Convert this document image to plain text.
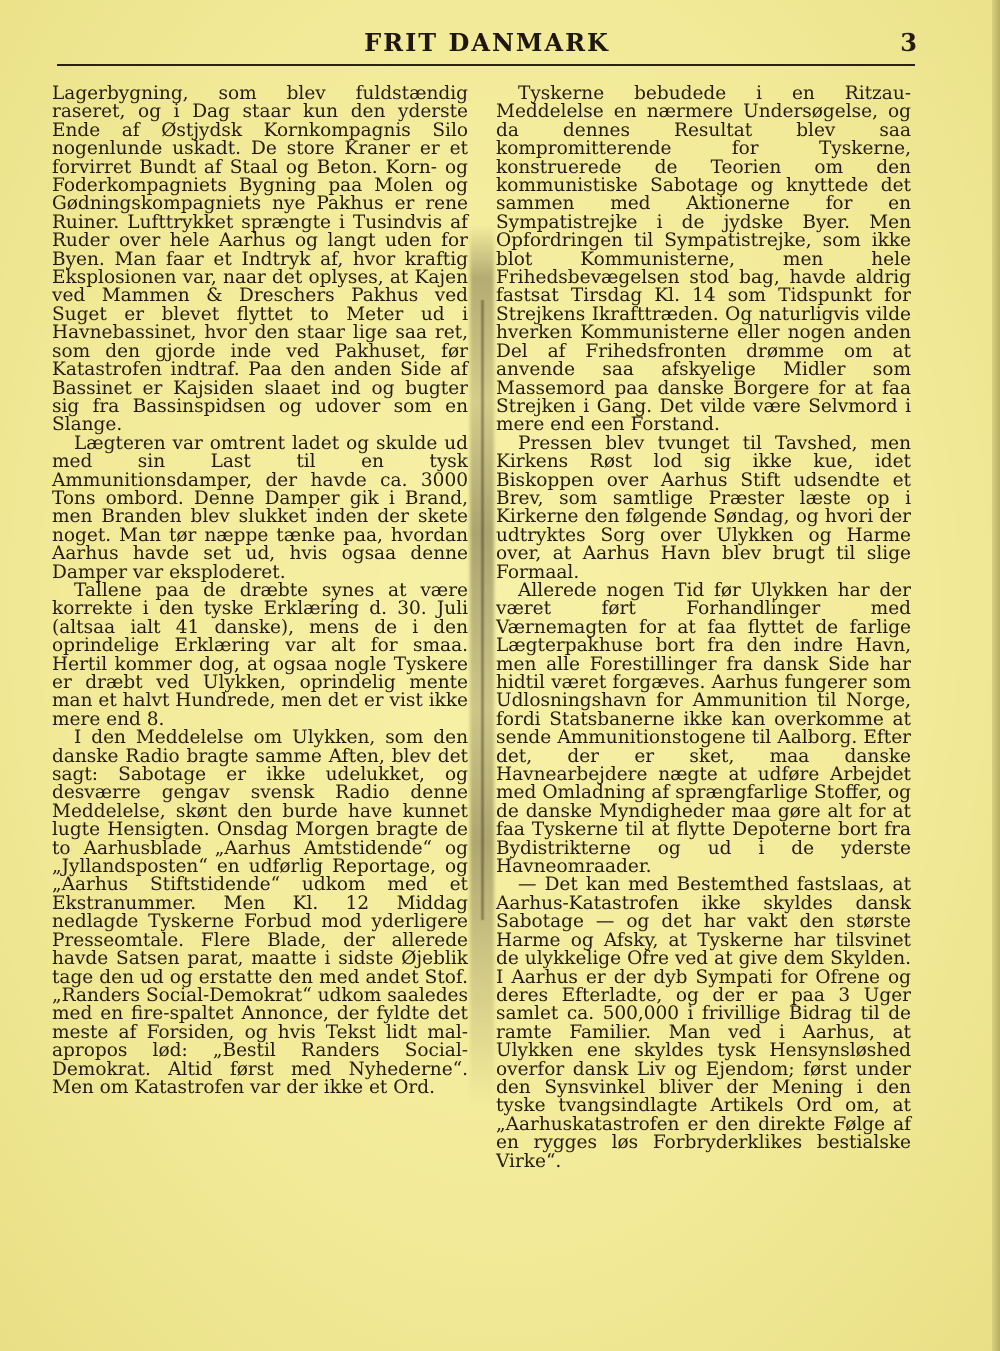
FRIT DANMARK	3

Lagerbygning, som blev fuldstændig raseret, og i Dag staar kun den yderste Ende af Østjydsk Kornkompagnis Silo nogenlunde uskadt. De store Kraner er et forvirret Bundt af Staal og Beton. Korn- og Foderkompagniets Bygning paa Molen og Gødningskompagniets nye Pakhus er rene Ruiner. Lufttrykket sprængte i Tusindvis af Ruder over hele Aarhus og langt uden for Byen. Man faar et Indtryk af, hvor kraftig Eksplosionen var, naar det oplyses, at Kajen ved Mammen & Dreschers Pakhus ved Suget er blevet flyttet to Meter ud i Havnebassinet, hvor den staar lige saa ret, som den gjorde inde ved Pakhuset, før Katastrofen indtraf. Paa den anden Side af Bassinet er Kajsiden slaaet ind og bugter sig fra Bassinspidsen og udover som en Slange.

Lægteren var omtrent ladet og skulde ud med sin Last til en tysk Ammunitionsdamper, der havde ca. 3000 Tons ombord. Denne Damper gik i Brand, men Branden blev slukket inden der skete noget. Man tør næppe tænke paa, hvordan Aarhus havde set ud, hvis ogsaa denne Damper var eksploderet.

Tallene paa de dræbte synes at være korrekte i den tyske Erklæring d. 30. Juli (altsaa ialt 41 danske), mens de i den oprindelige Erklæring var alt for smaa. Hertil kommer dog, at ogsaa nogle Tyskere er dræbt ved Ulykken, oprindelig mente man et halvt Hundrede, men det er vist ikke mere end 8.

I den Meddelelse om Ulykken, som den danske Radio bragte samme Aften, blev det sagt: Sabotage er ikke udelukket, og desværre gengav svensk Radio denne Meddelelse, skønt den burde have kunnet lugte Hensigten. Onsdag Morgen bragte de to Aarhusblade „Aarhus Amtstidende“ og „Jyllandsposten“ en udførlig Reportage, og „Aarhus Stiftstidende“ udkom med et Ekstranummer. Men Kl. 12 Middag nedlagde Tyskerne Forbud mod yderligere Presseomtale. Flere Blade, der allerede havde Satsen parat, maatte i sidste Øjeblik tage den ud og erstatte den med andet Stof. „Randers Social-Demokrat“ udkom saaledes med en fire-spaltet Annonce, der fyldte det meste af Forsiden, og hvis Tekst lidt mal-apropos lød: „Bestil Randers Social-Demokrat. Altid først med Nyhederne“. Men om Katastrofen var der ikke et Ord.

Tyskerne bebudede i en Ritzau-Meddelelse en nærmere Undersøgelse, og da dennes Resultat blev saa kompromitterende for Tyskerne, konstruerede de Teorien om den kommunistiske Sabotage og knyttede det sammen med Aktionerne for en Sympatistrejke i de jydske Byer. Men Opfordringen til Sympatistrejke, som ikke blot Kommunisterne, men hele Frihedsbevægelsen stod bag, havde aldrig fastsat Tirsdag Kl. 14 som Tidspunkt for Strejkens Ikrafttræden. Og naturligvis vilde hverken Kommunisterne eller nogen anden Del af Frihedsfronten drømme om at anvende saa afskyelige Midler som Massemord paa danske Borgere for at faa Strejken i Gang. Det vilde være Selvmord i mere end een Forstand.

Pressen blev tvunget til Tavshed, men Kirkens Røst lod sig ikke kue, idet Biskoppen over Aarhus Stift udsendte et Brev, som samtlige Præster læste op i Kirkerne den følgende Søndag, og hvori der udtryktes Sorg over Ulykken og Harme over, at Aarhus Havn blev brugt til slige Formaal.

Allerede nogen Tid før Ulykken har der været ført Forhandlinger med Værnemagten for at faa flyttet de farlige Lægterpakhuse bort fra den indre Havn, men alle Forestillinger fra dansk Side har hidtil været forgæves. Aarhus fungerer som Udlosningshavn for Ammunition til Norge, fordi Statsbanerne ikke kan overkomme at sende Ammunitionstogene til Aalborg. Efter det, der er sket, maa danske Havnearbejdere nægte at udføre Arbejdet med Omladning af sprængfarlige Stoffer, og de danske Myndigheder maa gøre alt for at faa Tyskerne til at flytte Depoterne bort fra Bydistrikterne og ud i de yderste Havneomraader.

— Det kan med Bestemthed fastslaas, at Aarhus-Katastrofen ikke skyldes dansk Sabotage — og det har vakt den største Harme og Afsky, at Tyskerne har tilsvinet de ulykkelige Ofre ved at give dem Skylden. I Aarhus er der dyb Sympati for Ofrene og deres Efterladte, og der er paa 3 Uger samlet ca. 500,000 i frivillige Bidrag til de ramte Familier. Man ved i Aarhus, at Ulykken ene skyldes tysk Hensynsløshed overfor dansk Liv og Ejendom; først under den Synsvinkel bliver der Mening i den tyske tvangsindlagte Artikels Ord om, at „Aarhuskatastrofen er den direkte Følge af en rygges løs Forbryderklikes bestialske Virke“.
